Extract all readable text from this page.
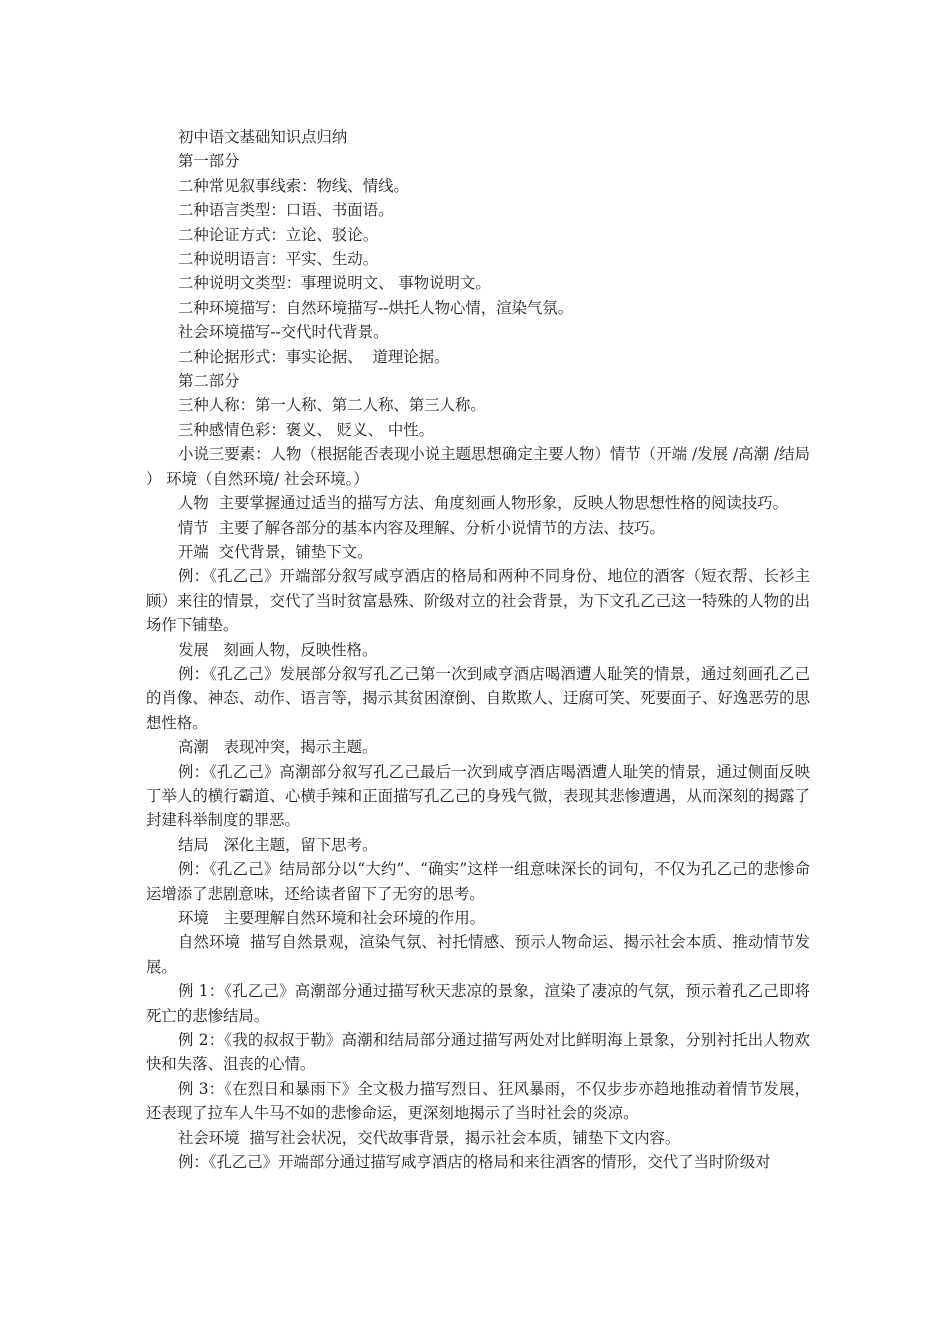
初中语文基础知识点归纳

第一部分

二种常见叙事线索：物线、情线。

二种语言类型：口语、书面语。

二种论证方式：立论、驳论。

二种说明语言：平实、生动。

二种说明文类型：事理说明文、 事物说明文。

二种环境描写：自然环境描写--烘托人物心情，渲染气氛。

社会环境描写--交代时代背景。

二种论据形式：事实论据、  道理论据。

第二部分

三种人称：第一人称、第二人称、第三人称。

三种感情色彩：褒义、 贬义、 中性。

小说三要素：人物（根据能否表现小说主题思想确定主要人物）情节（开端 /发展 /高潮 /结局 ） 环境（自然环境/ 社会环境。）

人物  主要掌握通过适当的描写方法、角度刻画人物形象，反映人物思想性格的阅读技巧。

情节  主要了解各部分的基本内容及理解、分析小说情节的方法、技巧。

开端  交代背景，铺垫下文。

例：《孔乙己》开端部分叙写咸亨酒店的格局和两种不同身份、地位的酒客（短衣帮、长衫主顾）来往的情景，交代了当时贫富悬殊、阶级对立的社会背景，为下文孔乙己这一特殊的人物的出场作下铺垫。

发展   刻画人物，反映性格。

例：《孔乙己》发展部分叙写孔乙己第一次到咸亨酒店喝酒遭人耻笑的情景，通过刻画孔乙己的肖像、神态、动作、语言等，揭示其贫困潦倒、自欺欺人、迂腐可笑、死要面子、好逸恶劳的思想性格。

高潮   表现冲突，揭示主题。

例：《孔乙己》高潮部分叙写孔乙己最后一次到咸亨酒店喝酒遭人耻笑的情景，通过侧面反映丁举人的横行霸道、心横手辣和正面描写孔乙己的身残气微，表现其悲惨遭遇，从而深刻的揭露了封建科举制度的罪恶。

结局   深化主题，留下思考。

例：《孔乙己》结局部分以“大约”、“确实”这样一组意味深长的词句，不仅为孔乙己的悲惨命运增添了悲剧意味，还给读者留下了无穷的思考。

环境   主要理解自然环境和社会环境的作用。

自然环境  描写自然景观，渲染气氛、衬托情感、预示人物命运、揭示社会本质、推动情节发展。

例 1：《孔乙己》高潮部分通过描写秋天悲凉的景象，渲染了凄凉的气氛，预示着孔乙己即将死亡的悲惨结局。

例 2：《我的叔叔于勒》高潮和结局部分通过描写两处对比鲜明海上景象，分别衬托出人物欢快和失落、沮丧的心情。

例 3：《在烈日和暴雨下》全文极力描写烈日、狂风暴雨，不仅步步亦趋地推动着情节发展，还表现了拉车人牛马不如的悲惨命运，更深刻地揭示了当时社会的炎凉。

社会环境  描写社会状况，交代故事背景，揭示社会本质，铺垫下文内容。

例：《孔乙己》开端部分通过描写咸亨酒店的格局和来往酒客的情形，交代了当时阶级对
